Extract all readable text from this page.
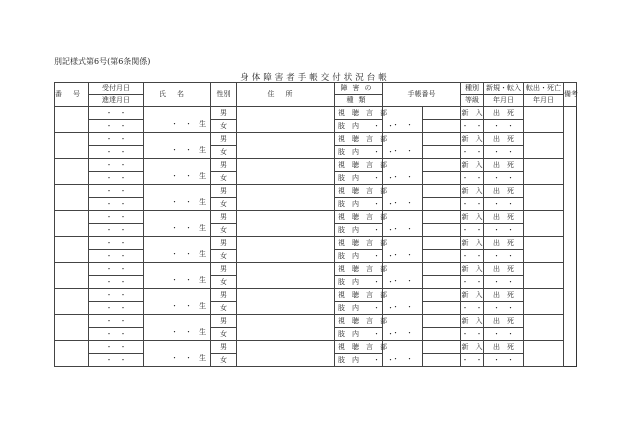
別記様式第6号(第6条関係)
身体障害者手帳交付状況台帳
番号	受付月日	氏名	性別	住所	障害の	手帳番号		種別	新規・転入	転出・死亡	備考
	進達月日				種類			等級	年月日	年月日	
	・　・	・　・　生	男		視　聴　言　部	・　・		新　入	出　死		
	・　・		女		肢　内　　・　・			・　・	・　・		
	・　・	・　・　生	男		視　聴　言　部	・　・		新　入	出　死		
	・　・		女		肢　内　　・　・			・　・	・　・		
	・　・	・　・　生	男		視　聴　言　部	・　・		新　入	出　死		
	・　・		女		肢　内　　・　・			・　・	・　・		
	・　・	・　・　生	男		視　聴　言　部	・　・		新　入	出　死		
	・　・		女		肢　内　　・　・			・　・	・　・		
	・　・	・　・　生	男		視　聴　言　部	・　・		新　入	出　死		
	・　・		女		肢　内　　・　・			・　・	・　・		
	・　・	・　・　生	男		視　聴　言　部	・　・		新　入	出　死		
	・　・		女		肢　内　　・　・			・　・	・　・		
	・　・	・　・　生	男		視　聴　言　部	・　・		新　入	出　死		
	・　・		女		肢　内　　・　・			・　・	・　・		
	・　・	・　・　生	男		視　聴　言　部	・　・		新　入	出　死		
	・　・		女		肢　内　　・　・			・　・	・　・		
	・　・	・　・　生	男		視　聴　言　部	・　・		新　入	出　死		
	・　・		女		肢　内　　・　・			・　・	・　・		
	・　・	・　・　生	男		視　聴　言　部	・　・		新　入	出　死		
	・　・		女		肢　内　　・　・			・　・	・　・		
